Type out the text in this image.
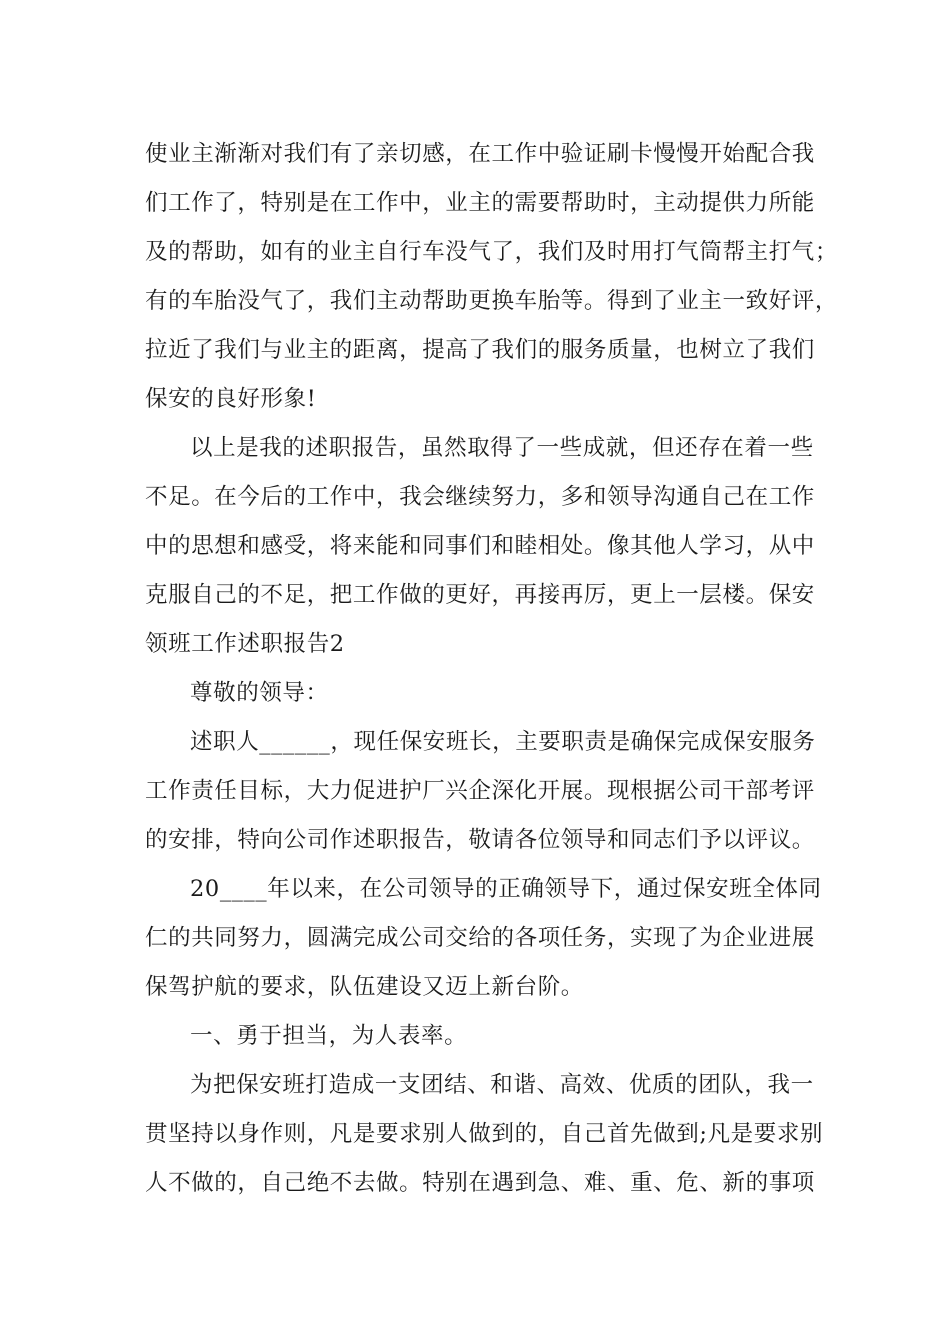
使业主渐渐对我们有了亲切感，在工作中验证刷卡慢慢开始配合我
们工作了，特别是在工作中，业主的需要帮助时，主动提供力所能
及的帮助，如有的业主自行车没气了，我们及时用打气筒帮主打气；
有的车胎没气了，我们主动帮助更换车胎等。得到了业主一致好评，
拉近了我们与业主的距离，提高了我们的服务质量，也树立了我们
保安的良好形象!
以上是我的述职报告，虽然取得了一些成就，但还存在着一些
不足。在今后的工作中，我会继续努力，多和领导沟通自己在工作
中的思想和感受，将来能和同事们和睦相处。像其他人学习，从中
克服自己的不足，把工作做的更好，再接再厉，更上一层楼。保安
领班工作述职报告2
尊敬的领导：
述职人______，现任保安班长，主要职责是确保完成保安服务
工作责任目标，大力促进护厂兴企深化开展。现根据公司干部考评
的安排，特向公司作述职报告，敬请各位领导和同志们予以评议。
20____年以来，在公司领导的正确领导下，通过保安班全体同
仁的共同努力，圆满完成公司交给的各项任务，实现了为企业进展
保驾护航的要求，队伍建设又迈上新台阶。
一、勇于担当，为人表率。
为把保安班打造成一支团结、和谐、高效、优质的团队，我一
贯坚持以身作则，凡是要求别人做到的，自己首先做到;凡是要求别
人不做的，自己绝不去做。特别在遇到急、难、重、危、新的事项
